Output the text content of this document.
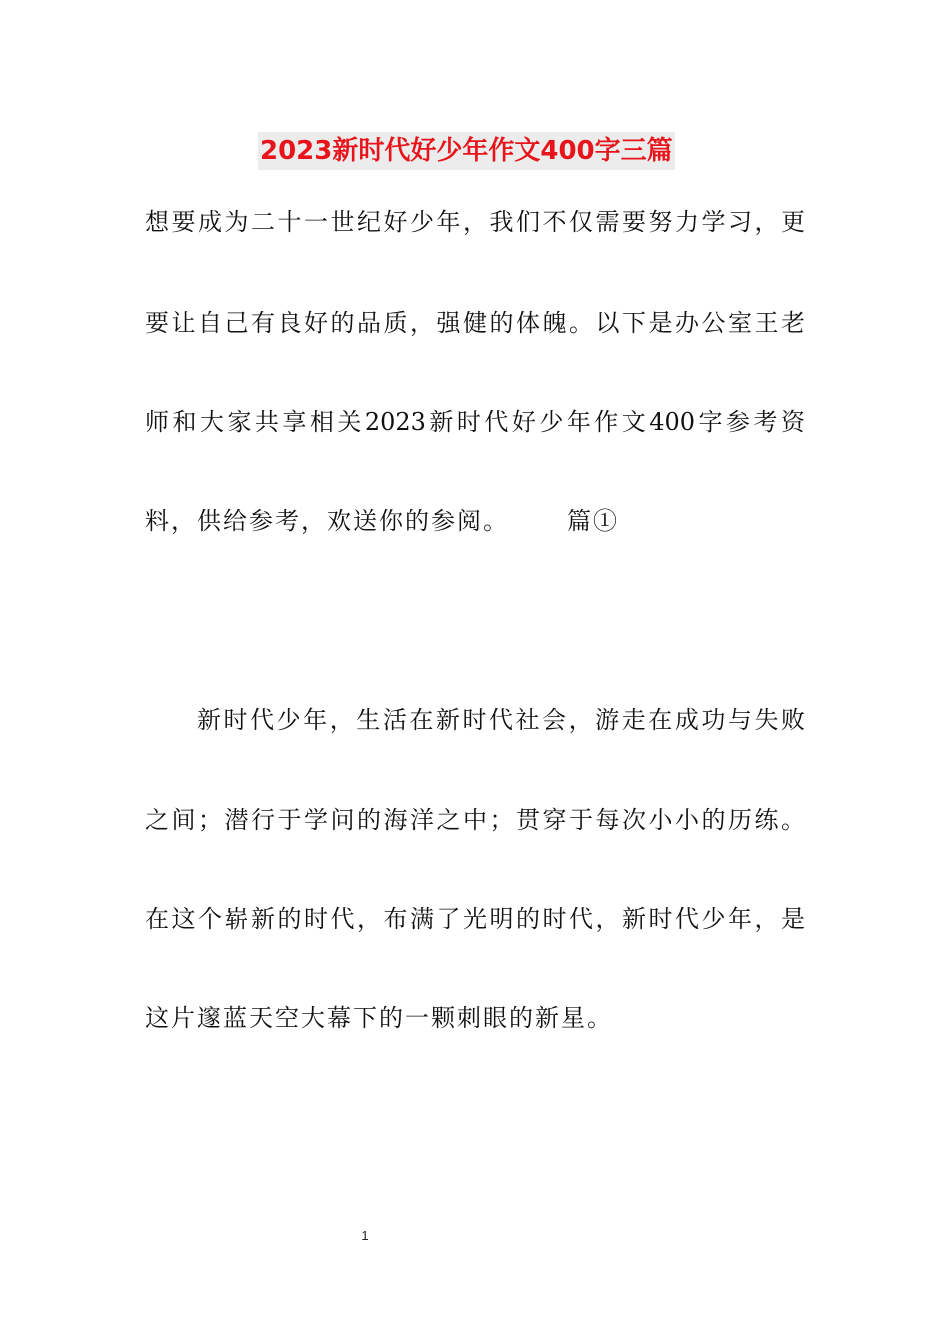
2023新时代好少年作文400字三篇
想要成为二十一世纪好少年，我们不仅需要努力学习，更
要让自己有良好的品质，强健的体魄。以下是办公室王老
师和大家共享相关2023新时代好少年作文400字参考资
料，供给参考，欢送你的参阅。 篇①
新时代少年，生活在新时代社会，游走在成功与失败
之间；潜行于学问的海洋之中；贯穿于每次小小的历练。
在这个崭新的时代，布满了光明的时代，新时代少年，是
这片邃蓝天空大幕下的一颗刺眼的新星。
1
